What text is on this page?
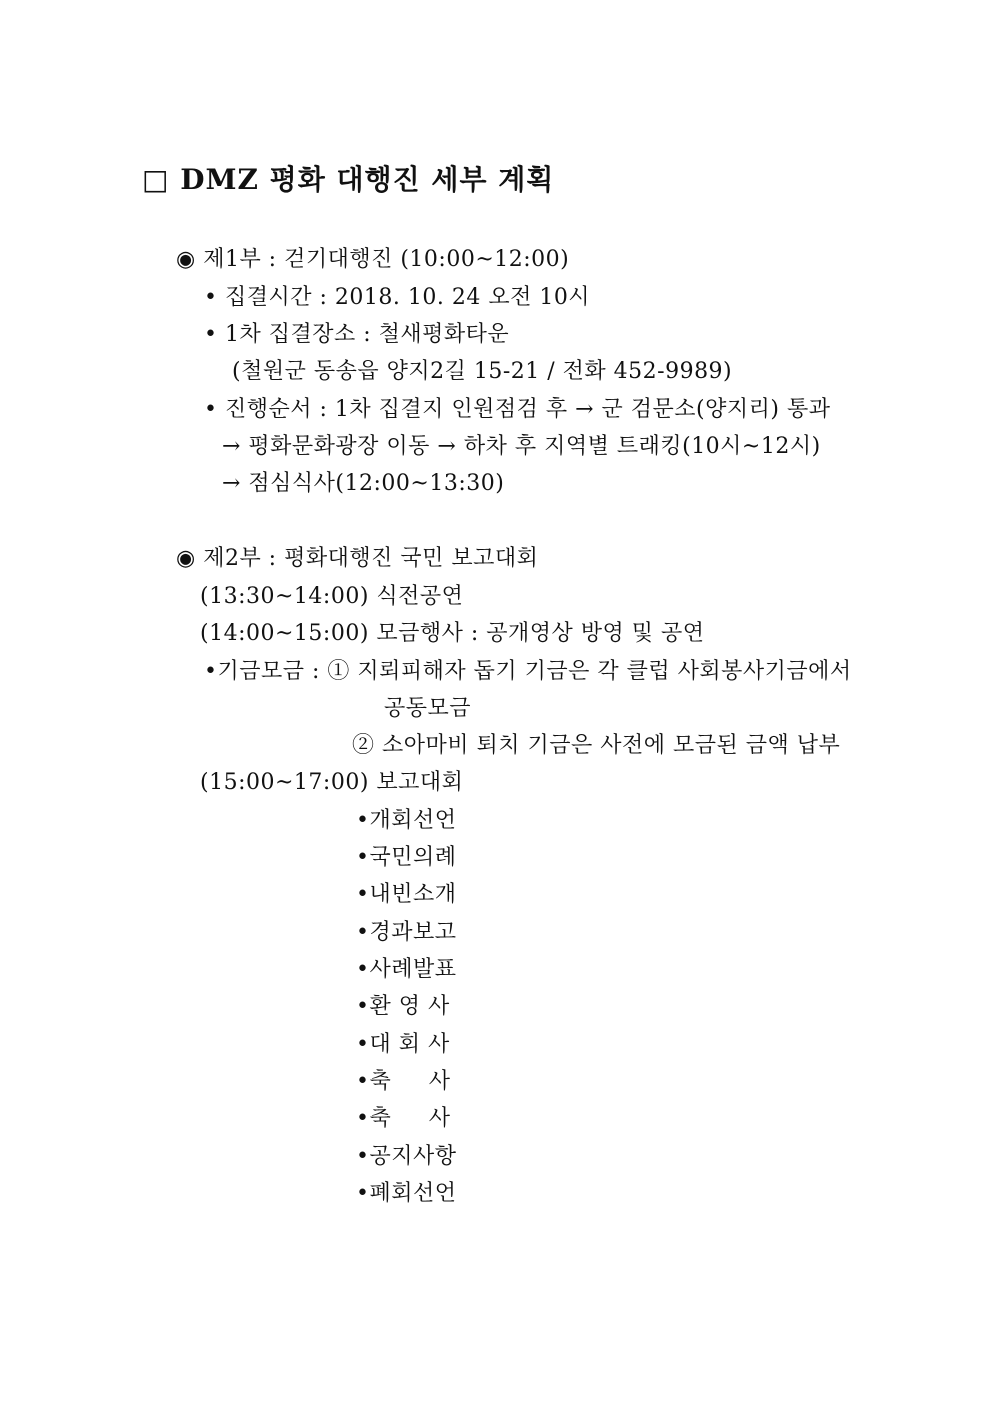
□ DMZ 평화 대행진 세부 계획
◉ 제1부 : 걷기대행진 (10:00~12:00)
• 집결시간 : 2018. 10. 24 오전 10시
• 1차 집결장소 : 철새평화타운
(철원군 동송읍 양지2길 15-21 / 전화 452-9989)
• 진행순서 : 1차 집결지 인원점검 후 → 군 검문소(양지리) 통과
→ 평화문화광장 이동 → 하차 후 지역별 트래킹(10시~12시)
→ 점심식사(12:00~13:30)
◉ 제2부 : 평화대행진 국민 보고대회
(13:30~14:00) 식전공연
(14:00~15:00) 모금행사 : 공개영상 방영 및 공연
•기금모금 : ① 지뢰피해자 돕기 기금은 각 클럽 사회봉사기금에서
공동모금
② 소아마비 퇴치 기금은 사전에 모금된 금액 납부
(15:00~17:00) 보고대회
•개회선언
•국민의례
•내빈소개
•경과보고
•사례발표
•환 영 사
•대 회 사
•축     사
•축     사
•공지사항
•폐회선언
